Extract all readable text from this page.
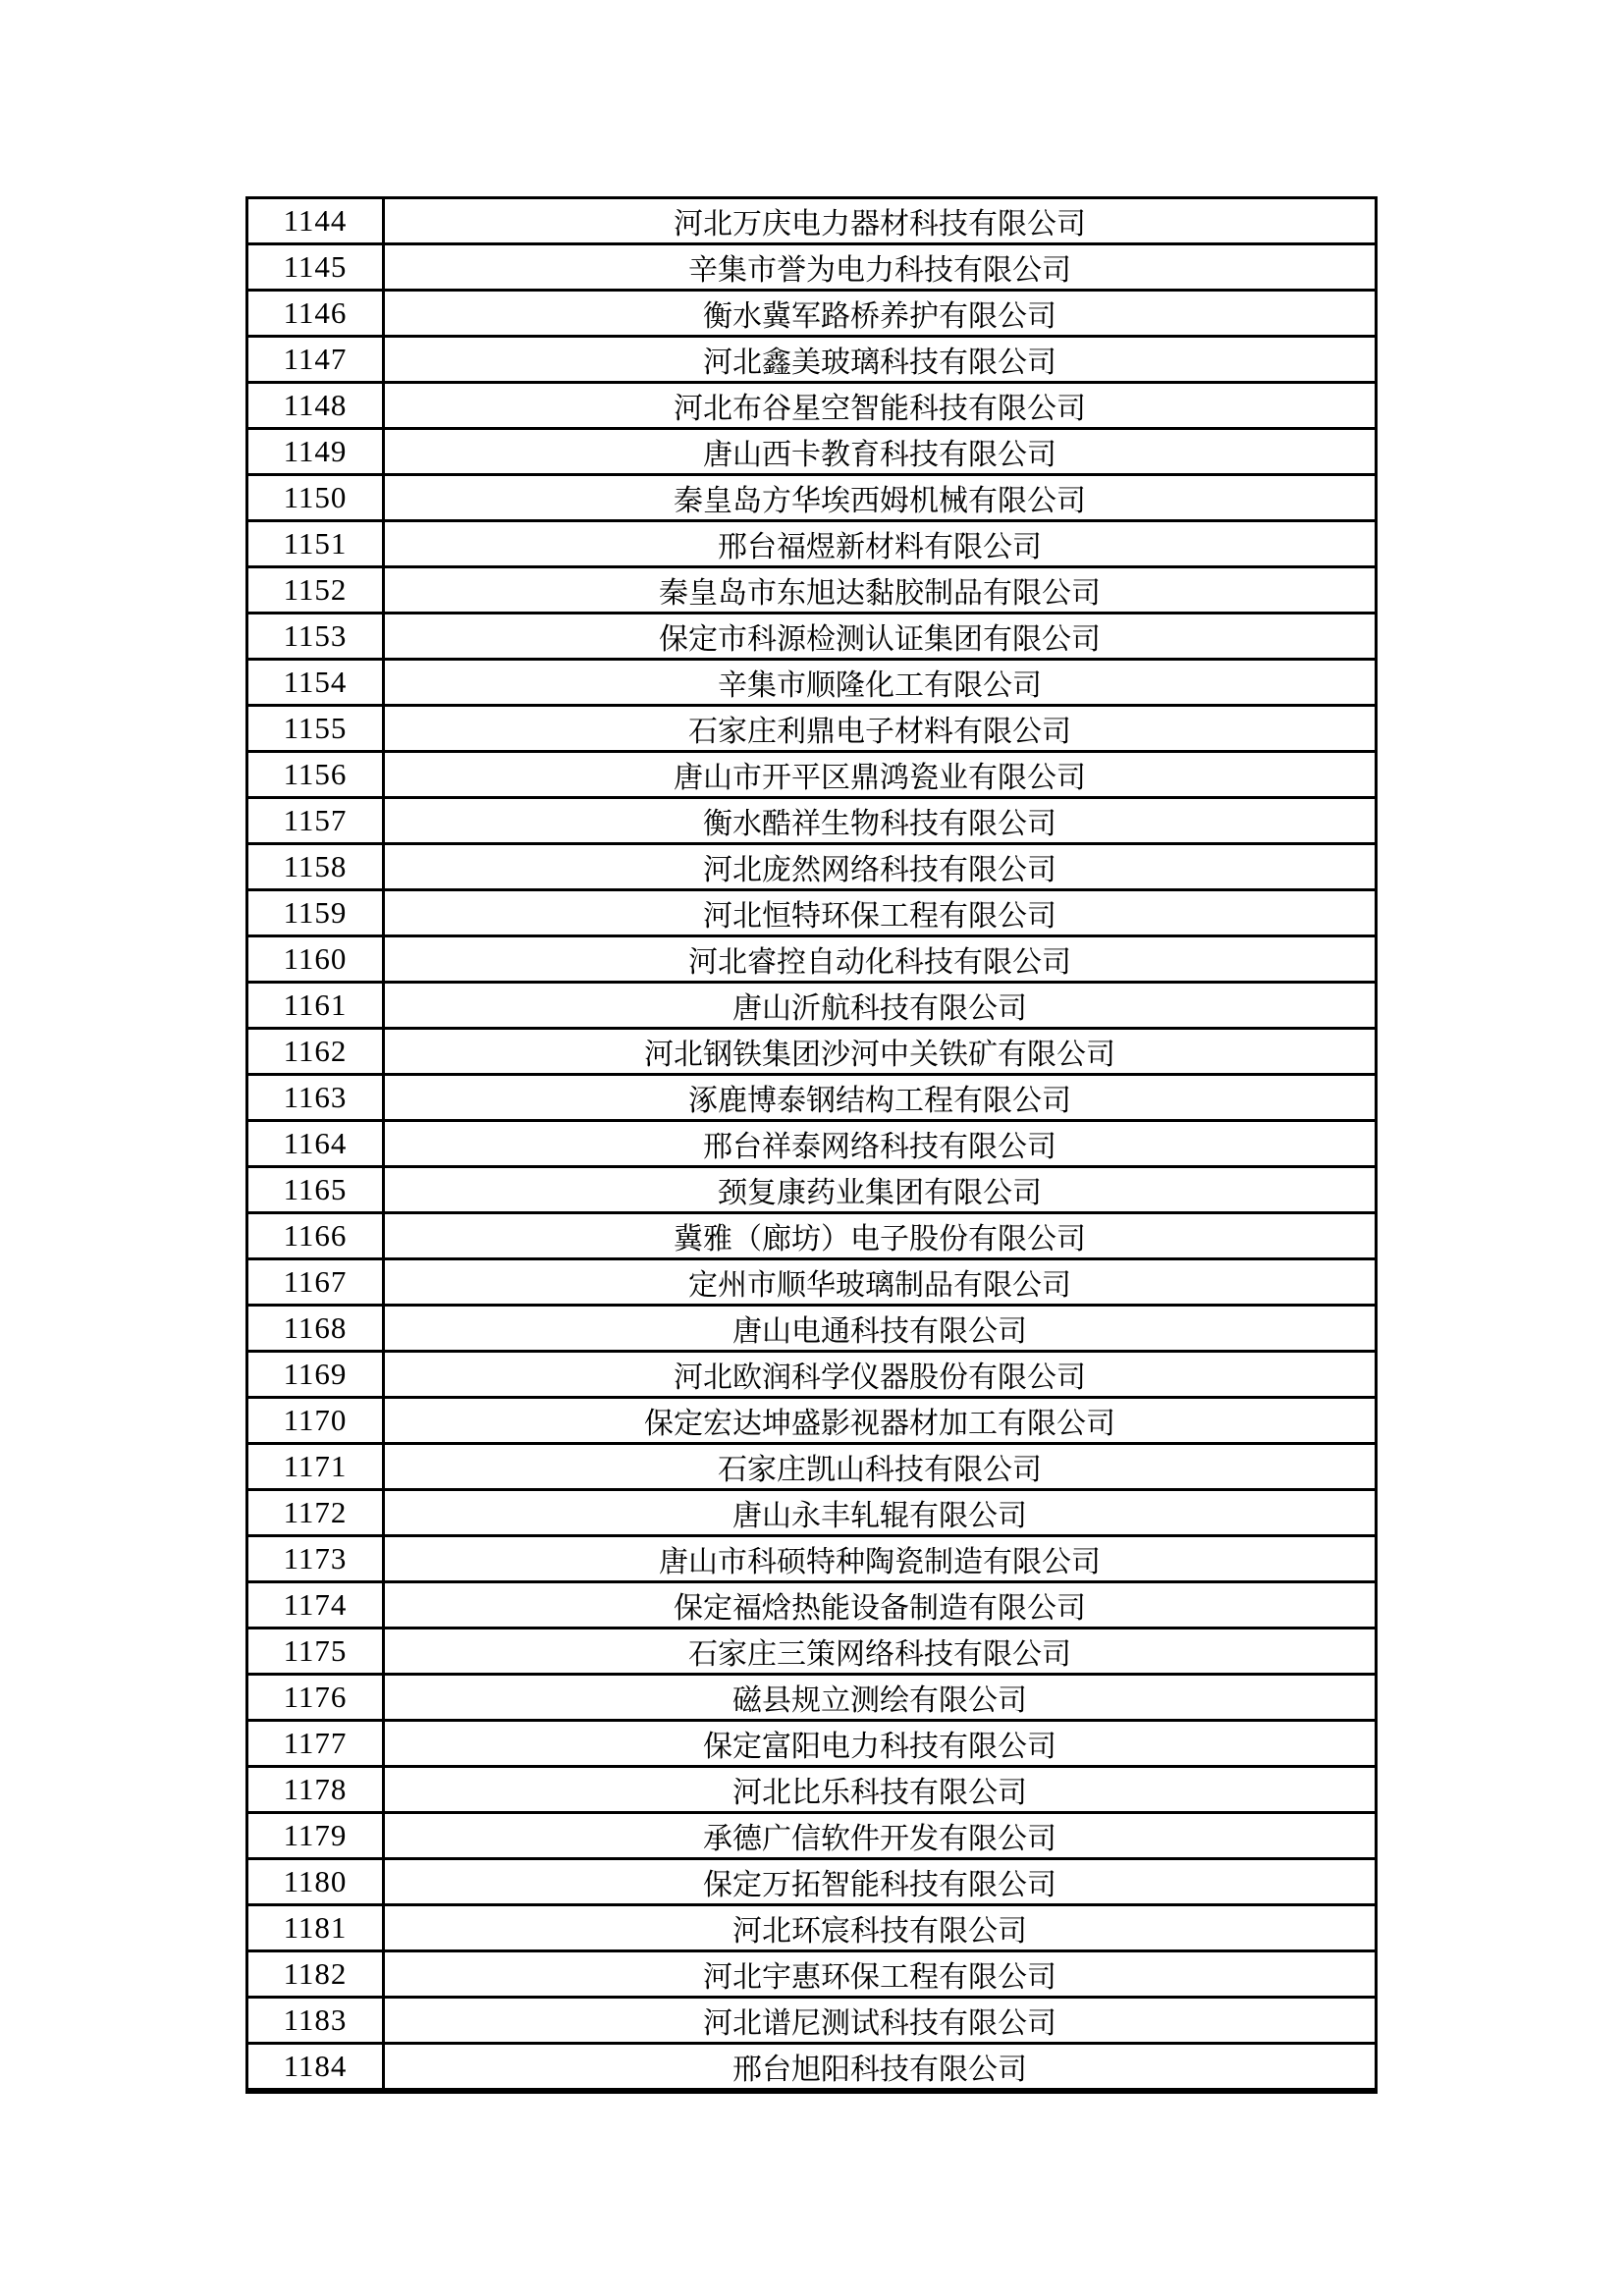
1144	河北万庆电力器材科技有限公司
1145	辛集市誉为电力科技有限公司
1146	衡水冀军路桥养护有限公司
1147	河北鑫美玻璃科技有限公司
1148	河北布谷星空智能科技有限公司
1149	唐山西卡教育科技有限公司
1150	秦皇岛方华埃西姆机械有限公司
1151	邢台福煜新材料有限公司
1152	秦皇岛市东旭达黏胶制品有限公司
1153	保定市科源检测认证集团有限公司
1154	辛集市顺隆化工有限公司
1155	石家庄利鼎电子材料有限公司
1156	唐山市开平区鼎鸿瓷业有限公司
1157	衡水酷祥生物科技有限公司
1158	河北庞然网络科技有限公司
1159	河北恒特环保工程有限公司
1160	河北睿控自动化科技有限公司
1161	唐山沂航科技有限公司
1162	河北钢铁集团沙河中关铁矿有限公司
1163	涿鹿博泰钢结构工程有限公司
1164	邢台祥泰网络科技有限公司
1165	颈复康药业集团有限公司
1166	冀雅（廊坊）电子股份有限公司
1167	定州市顺华玻璃制品有限公司
1168	唐山电通科技有限公司
1169	河北欧润科学仪器股份有限公司
1170	保定宏达坤盛影视器材加工有限公司
1171	石家庄凯山科技有限公司
1172	唐山永丰轧辊有限公司
1173	唐山市科硕特种陶瓷制造有限公司
1174	保定福焓热能设备制造有限公司
1175	石家庄三策网络科技有限公司
1176	磁县规立测绘有限公司
1177	保定富阳电力科技有限公司
1178	河北比乐科技有限公司
1179	承德广信软件开发有限公司
1180	保定万拓智能科技有限公司
1181	河北环宸科技有限公司
1182	河北宇惠环保工程有限公司
1183	河北谱尼测试科技有限公司
1184	邢台旭阳科技有限公司
